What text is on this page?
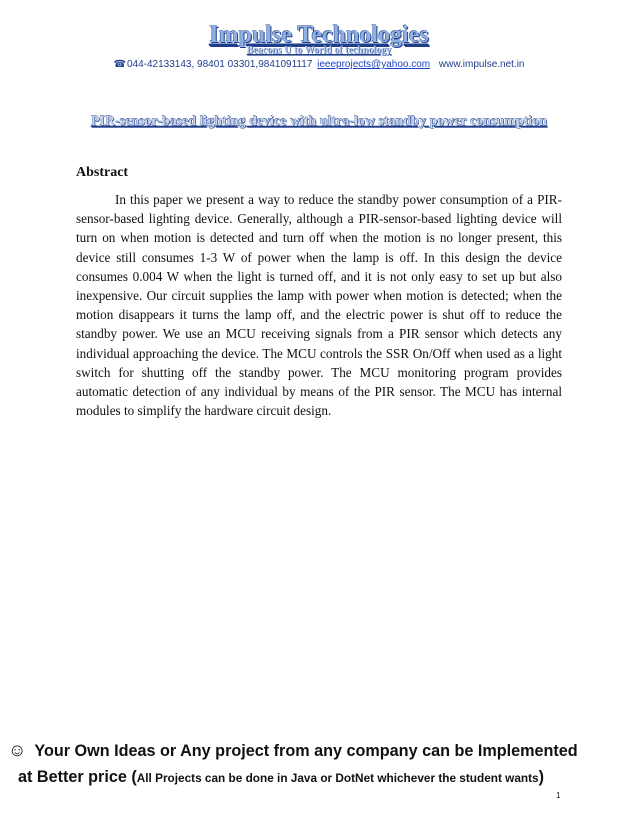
Impulse Technologies
Beacons U to World of technology
☎044-42133143, 98401 03301,9841091117 ieeeprojects@yahoo.com www.impulse.net.in
PIR-sensor-based lighting device with ultra-low standby power consumption
Abstract

In this paper we present a way to reduce the standby power consumption of a PIR-sensor-based lighting device. Generally, although a PIR-sensor-based lighting device will turn on when motion is detected and turn off when the motion is no longer present, this device still consumes 1-3 W of power when the lamp is off. In this design the device consumes 0.004 W when the light is turned off, and it is not only easy to set up but also inexpensive. Our circuit supplies the lamp with power when motion is detected; when the motion disappears it turns the lamp off, and the electric power is shut off to reduce the standby power. We use an MCU receiving signals from a PIR sensor which detects any individual approaching the device. The MCU controls the SSR On/Off when used as a light switch for shutting off the standby power. The MCU monitoring program provides automatic detection of any individual by means of the PIR sensor. The MCU has internal modules to simplify the hardware circuit design.

☺ Your Own Ideas or Any project from any company can be Implemented
at Better price (All Projects can be done in Java or DotNet whichever the student wants)
1
